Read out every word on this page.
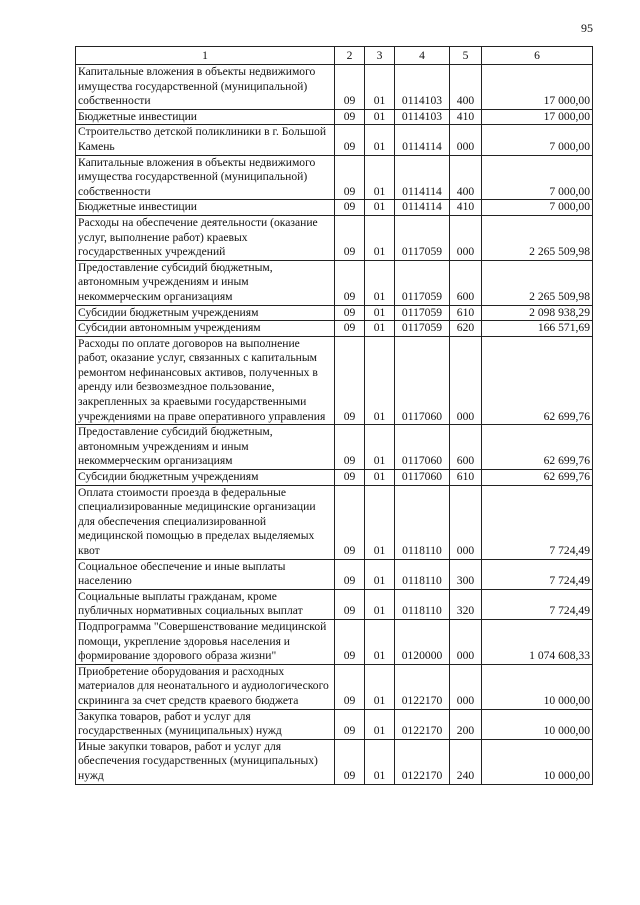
95
1	2	3	4	5	6
Капитальные вложения в объекты недвижимого имущества государственной (муниципальной) собственности	09	01	0114103	400	17 000,00
Бюджетные инвестиции	09	01	0114103	410	17 000,00
Строительство детской поликлиники в г. Большой Камень	09	01	0114114	000	7 000,00
Капитальные вложения в объекты недвижимого имущества государственной (муниципальной) собственности	09	01	0114114	400	7 000,00
Бюджетные инвестиции	09	01	0114114	410	7 000,00
Расходы на обеспечение деятельности (оказание услуг, выполнение работ) краевых государственных учреждений	09	01	0117059	000	2 265 509,98
Предоставление субсидий бюджетным, автономным учреждениям и иным некоммерческим организациям	09	01	0117059	600	2 265 509,98
Субсидии бюджетным учреждениям	09	01	0117059	610	2 098 938,29
Субсидии автономным учреждениям	09	01	0117059	620	166 571,69
Расходы по оплате договоров на выполнение работ, оказание услуг, связанных с капитальным ремонтом нефинансовых активов, полученных в аренду или безвозмездное пользование, закрепленных за краевыми государственными учреждениями на праве оперативного управления	09	01	0117060	000	62 699,76
Предоставление субсидий бюджетным, автономным учреждениям и иным некоммерческим организациям	09	01	0117060	600	62 699,76
Субсидии бюджетным учреждениям	09	01	0117060	610	62 699,76
Оплата стоимости проезда в федеральные специализированные медицинские организации для обеспечения специализированной медицинской помощью в пределах выделяемых квот	09	01	0118110	000	7 724,49
Социальное обеспечение и иные выплаты населению	09	01	0118110	300	7 724,49
Социальные выплаты гражданам, кроме публичных нормативных социальных выплат	09	01	0118110	320	7 724,49
Подпрограмма "Совершенствование медицинской помощи, укрепление здоровья населения и формирование здорового образа жизни"	09	01	0120000	000	1 074 608,33
Приобретение оборудования и расходных материалов для неонатального и аудиологического скрининга за счет средств краевого бюджета	09	01	0122170	000	10 000,00
Закупка товаров, работ и услуг для государственных (муниципальных) нужд	09	01	0122170	200	10 000,00
Иные закупки товаров, работ и услуг для обеспечения государственных (муниципальных) нужд	09	01	0122170	240	10 000,00
